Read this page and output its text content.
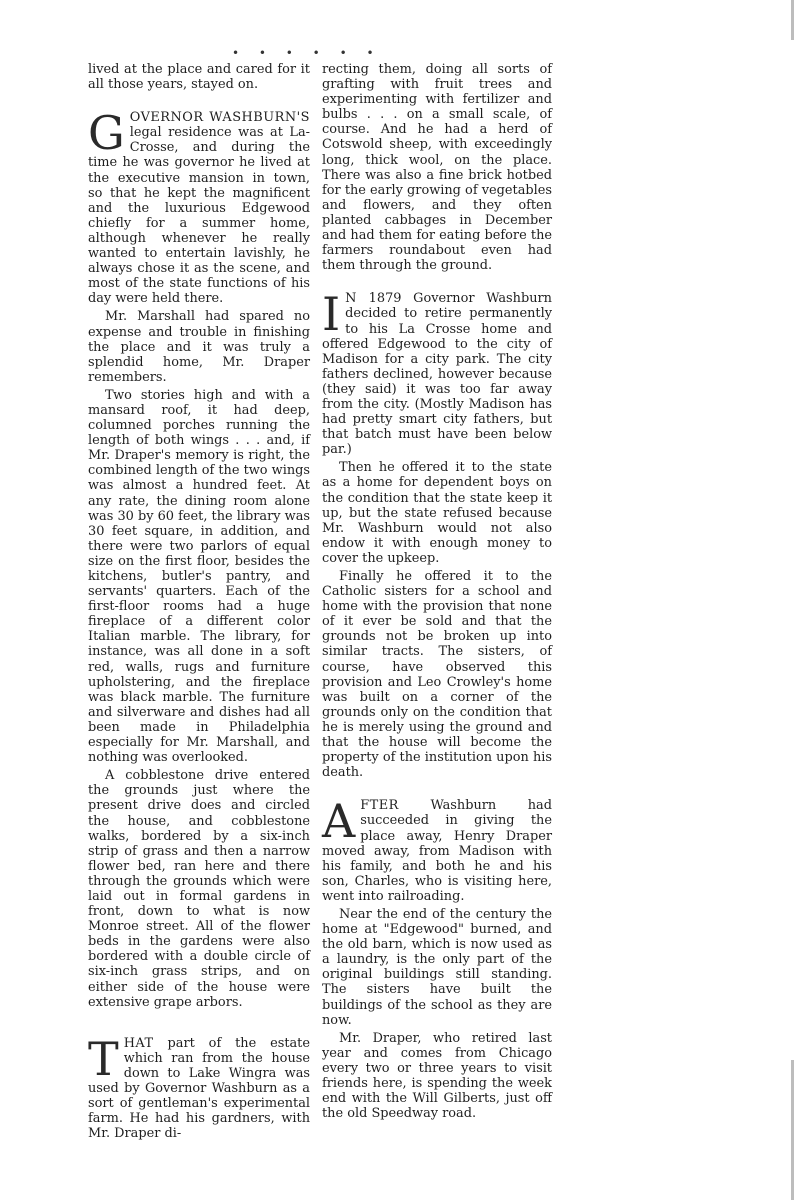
• • • • • •

lived at the place and cared for it all those years, stayed on.

GOVERNOR WASHBURN'S legal residence was at La-Crosse, and during the time he was governor he lived at the executive mansion in town, so that he kept the magnificent and the luxurious Edgewood chiefly for a summer home, although whenever he really wanted to entertain lavishly, he always chose it as the scene, and most of the state functions of his day were held there.

Mr. Marshall had spared no expense and trouble in finishing the place and it was truly a splendid home, Mr. Draper remembers.

Two stories high and with a mansard roof, it had deep, columned porches running the length of both wings . . . and, if Mr. Draper's memory is right, the combined length of the two wings was almost a hundred feet. At any rate, the dining room alone was 30 by 60 feet, the library was 30 feet square, in addition, and there were two parlors of equal size on the first floor, besides the kitchens, butler's pantry, and servants' quarters. Each of the first-floor rooms had a huge fireplace of a different color Italian marble. The library, for instance, was all done in a soft red, walls, rugs and furniture upholstering, and the fireplace was black marble. The furniture and silverware and dishes had all been made in Philadelphia especially for Mr. Marshall, and nothing was overlooked.

A cobblestone drive entered the grounds just where the present drive does and circled the house, and cobblestone walks, bordered by a six-inch strip of grass and then a narrow flower bed, ran here and there through the grounds which were laid out in formal gardens in front, down to what is now Monroe street. All of the flower beds in the gardens were also bordered with a double circle of six-inch grass strips, and on either side of the house were extensive grape arbors.

THAT part of the estate which ran from the house down to Lake Wingra was used by Governor Washburn as a sort of gentleman's experimental farm. He had his gardners, with Mr. Draper di-

recting them, doing all sorts of grafting with fruit trees and experimenting with fertilizer and bulbs . . . on a small scale, of course. And he had a herd of Cotswold sheep, with exceedingly long, thick wool, on the place. There was also a fine brick hotbed for the early growing of vegetables and flowers, and they often planted cabbages in December and had them for eating before the farmers roundabout even had them through the ground.

I N 1879 Governor Washburn decided to retire permanently to his La Crosse home and offered Edgewood to the city of Madison for a city park. The city fathers declined, however because (they said) it was too far away from the city. (Mostly Madison has had pretty smart city fathers, but that batch must have been below par.)

Then he offered it to the state as a home for dependent boys on the condition that the state keep it up, but the state refused because Mr. Washburn would not also endow it with enough money to cover the upkeep.

Finally he offered it to the Catholic sisters for a school and home with the provision that none of it ever be sold and that the grounds not be broken up into similar tracts. The sisters, of course, have observed this provision and Leo Crowley's home was built on a corner of the grounds only on the condition that he is merely using the ground and that the house will become the property of the institution upon his death.

AFTER Washburn had succeeded in giving the place away, Henry Draper moved away, from Madison with his family, and both he and his son, Charles, who is visiting here, went into railroading.

Near the end of the century the home at "Edgewood" burned, and the old barn, which is now used as a laundry, is the only part of the original buildings still standing. The sisters have built the buildings of the school as they are now.

Mr. Draper, who retired last year and comes from Chicago every two or three years to visit friends here, is spending the week end with the Will Gilberts, just off the old Speedway road.
